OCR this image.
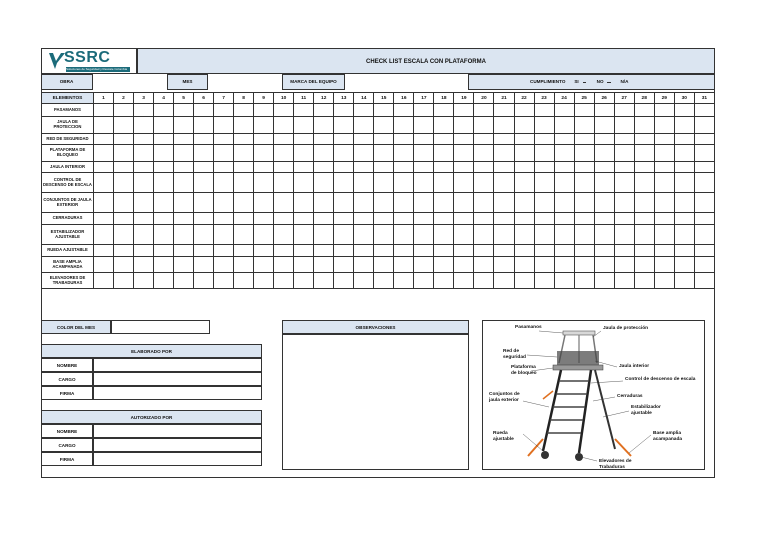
SSRC
Soluciones de Seguridad y Rescate Colombia
CHECK LIST ESCALA CON PLATAFORMA
OBRA	MES	MARCA DEL EQUIPO	CUMPLIMIENTO SI	NO	N/A
ELEMENTOS	1	2	3	4	5	6	7	8	9	10	11	12	13	14	15	16	17	18	19	20	21	22	23	24	25	26	27	28	29	30	31
PASAMANOS																															
JAULA DE PROTECCION																															
RED DE SEGURIDAD																															
PLATAFORMA DE BLOQUEO																															
JAULA INTERIOR																															
CONTROL DE DESCENSO DE ESCALA																															
CONJUNTOS DE JAULA EXTERIOR																															
CERRADURAS																															
ESTABILIZADOR AJUSTABLE																															
RUEDA AJUSTABLE																															
BASE AMPLIA ACAMPANADA																															
ELEVADORES DE TRABADURAS																															
COLOR DEL MES
ELABORADO POR
NOMBRE
CARGO
FIRMA
AUTORIZADO POR
NOMBRE
CARGO
FIRMA
OBSERVACIONES	Pasamanos	Jaula de protección
Red de seguridad
Plataforma de bloqueo
Jaula interior
Control de descenso de escala
Conjuntos de jaula exterior
Cerraduras
Estabilizador ajustable
Rueda ajustable
Base amplia acampanada
Elevadores de Trabaduras
